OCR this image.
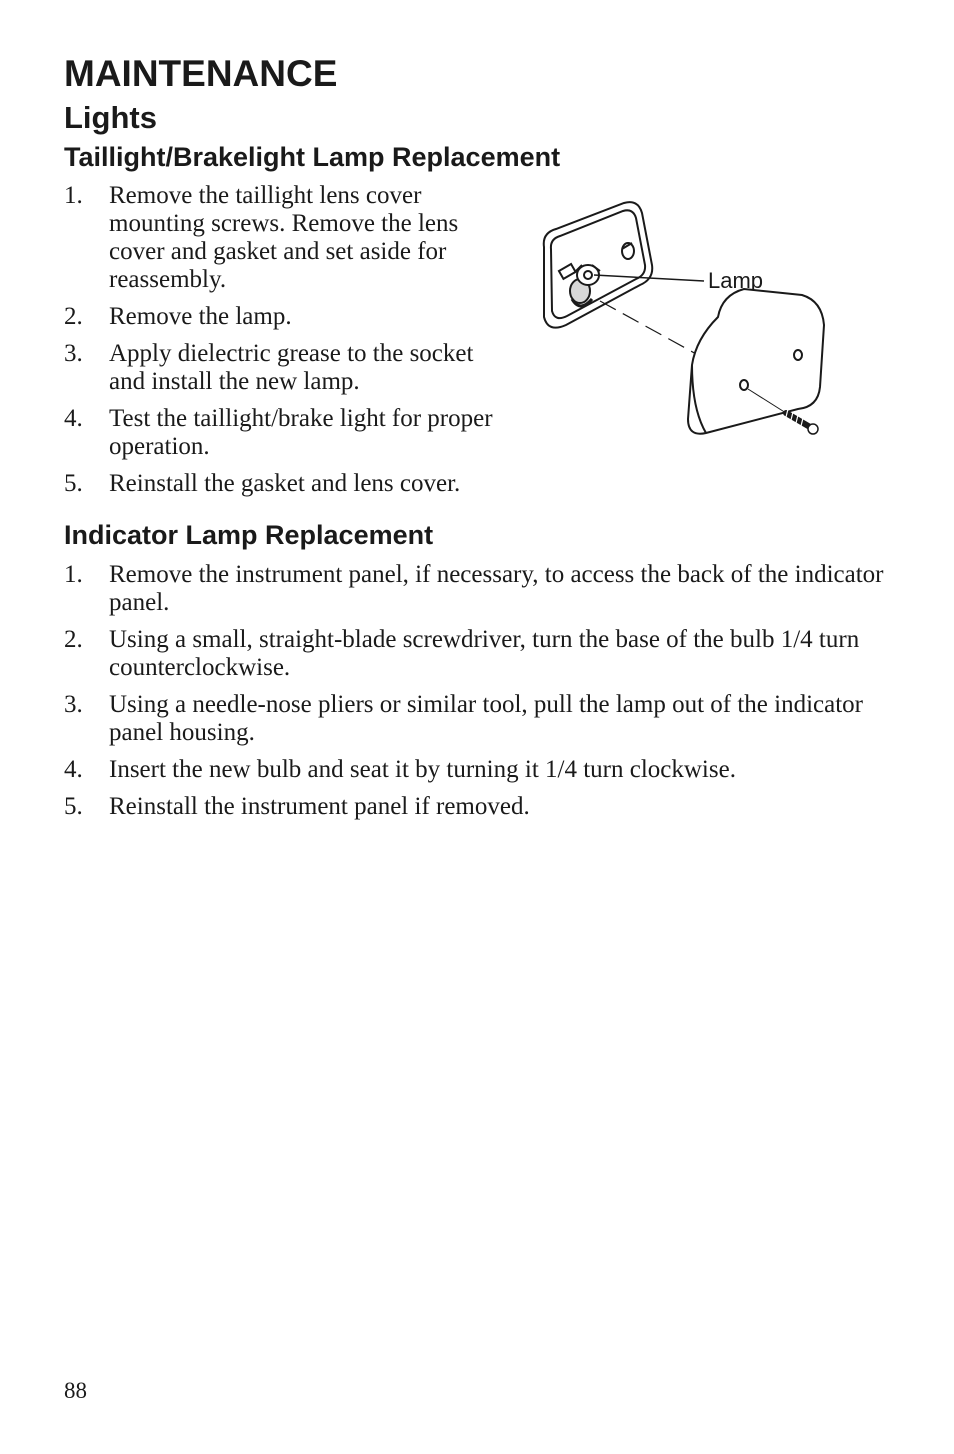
MAINTENANCE
Lights
Taillight/Brakelight Lamp Replacement
1. Remove the taillight lens cover mounting screws. Remove the lens cover and gasket and set aside for reassembly.
2. Remove the lamp.
3. Apply dielectric grease to the socket and install the new lamp.
4. Test the taillight/brake light for proper operation.
5. Reinstall the gasket and lens cover.
Lamp
Indicator Lamp Replacement
1. Remove the instrument panel, if necessary, to access the back of the indicator panel.
2. Using a small, straight-blade screwdriver, turn the base of the bulb 1/4 turn counterclockwise.
3. Using a needle-nose pliers or similar tool, pull the lamp out of the indicator panel housing.
4. Insert the new bulb and seat it by turning it 1/4 turn clockwise.
5. Reinstall the instrument panel if removed.
88
